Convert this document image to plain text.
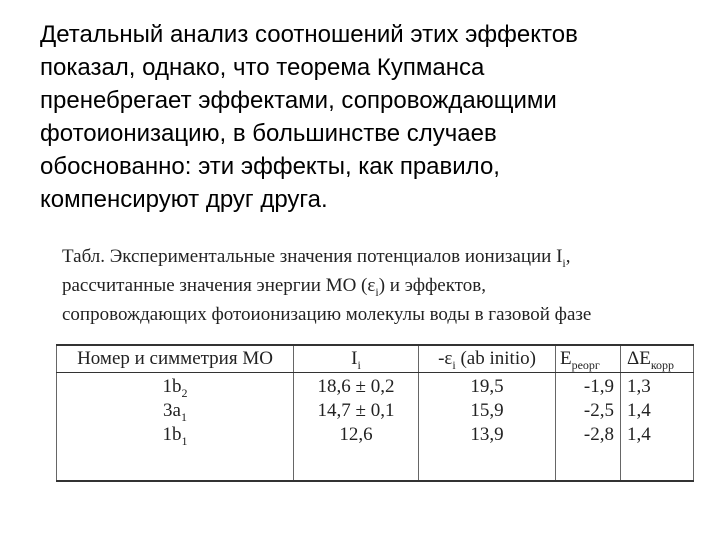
Детальный анализ соотношений этих эффектов
показал, однако, что теорема Купманса
пренебрегает эффектами, сопровождающими
фотоионизацию, в большинстве случаев
обоснованно: эти эффекты, как правило,
компенсируют друг друга.
Табл. Экспериментальные значения потенциалов ионизации $I_i$,
рассчитанные значения энергии МО $(\varepsilon_i)$ и эффектов,
сопровождающих фотоионизацию молекулы воды в газовой фазе
Номер и симметрия МО	$I_i$	$-\varepsilon_i$ (ab initio)	$E_{реорг}$	$\Delta E_{корр}$
$1b_2$	18,6 ± 0,2	19,5	-1,9	1,3
$3a_1$	14,7 ± 0,1	15,9	-2,5	1,4
$1b_1$	12,6	13,9	-2,8	1,4
